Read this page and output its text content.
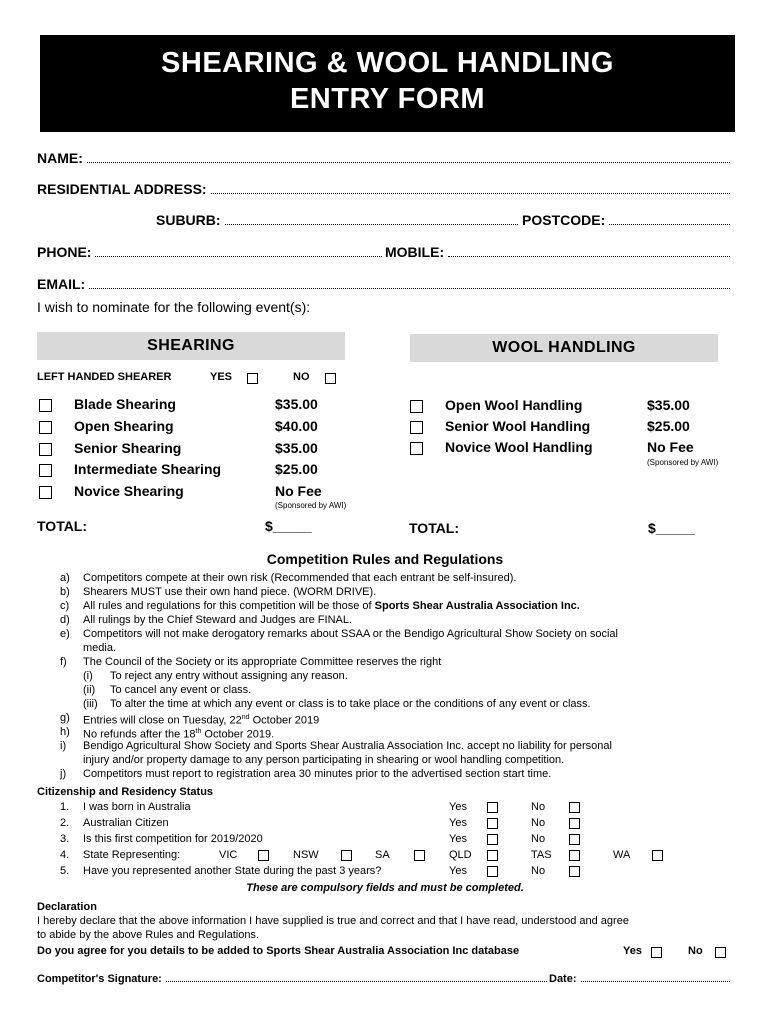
SHEARING & WOOL HANDLING
ENTRY FORM
NAME:
RESIDENTIAL ADDRESS:
SUBURB:	POSTCODE:
PHONE:	MOBILE:
EMAIL:
I wish to nominate for the following event(s):
SHEARING	WOOL HANDLING
LEFT HANDED SHEARER	YES	NO
Blade Shearing	$35.00
Open Shearing	$40.00
Senior Shearing	$35.00
Intermediate Shearing	$25.00
Novice Shearing	No Fee
(Sponsored by AWI)
TOTAL:	$_____
Open Wool Handling	$35.00
Senior Wool Handling	$25.00
Novice Wool Handling	No Fee
(Sponsored by AWI)
TOTAL:	$_____
Competition Rules and Regulations
a) Competitors compete at their own risk (Recommended that each entrant be self-insured).
b) Shearers MUST use their own hand piece. (WORM DRIVE).
c) All rules and regulations for this competition will be those of Sports Shear Australia Association Inc.
d) All rulings by the Chief Steward and Judges are FINAL.
e) Competitors will not make derogatory remarks about SSAA or the Bendigo Agricultural Show Society on social
media.
f) The Council of the Society or its appropriate Committee reserves the right
(i) To reject any entry without assigning any reason.
(ii) To cancel any event or class.
(iii) To alter the time at which any event or class is to take place or the conditions of any event or class.
g) Entries will close on Tuesday, 22nd October 2019
h) No refunds after the 18th October 2019.
i) Bendigo Agricultural Show Society and Sports Shear Australia Association Inc. accept no liability for personal
injury and/or property damage to any person participating in shearing or wool handling competition.
j) Competitors must report to registration area 30 minutes prior to the advertised section start time.
Citizenship and Residency Status
1. I was born in Australia	Yes	No
2. Australian Citizen	Yes	No
3. Is this first competition for 2019/2020	Yes	No
4. State Representing:	VIC	NSW	SA	QLD	TAS	WA
5. Have you represented another State during the past 3 years?	Yes	No
These are compulsory fields and must be completed.
Declaration
I hereby declare that the above information I have supplied is true and correct and that I have read, understood and agree
to abide by the above Rules and Regulations.
Do you agree for you details to be added to Sports Shear Australia Association Inc database	Yes	No
Competitor's Signature:	Date:
